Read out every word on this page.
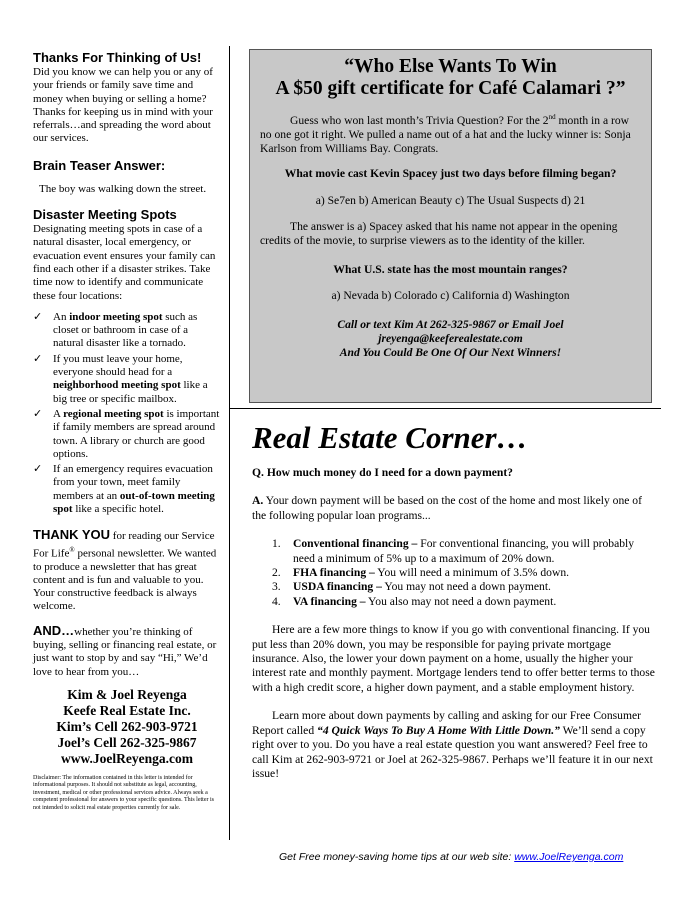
Thanks For Thinking of Us!

Did you know we can help you or any of your friends or family save time and money when buying or selling a home? Thanks for keeping us in mind with your referrals…and spreading the word about our services.

Brain Teaser Answer:

The boy was walking down the street.

Disaster Meeting Spots

Designating meeting spots in case of a natural disaster, local emergency, or evacuation event ensures your family can find each other if a disaster strikes. Take time now to identify and communicate these four locations:

✓ An indoor meeting spot such as closet or bathroom in case of a natural disaster like a tornado.
✓ If you must leave your home, everyone should head for a neighborhood meeting spot like a big tree or specific mailbox.
✓ A regional meeting spot is important if family members are spread around town. A library or church are good options.
✓ If an emergency requires evacuation from your town, meet family members at an out-of-town meeting spot like a specific hotel.

THANK YOU for reading our Service For Life® personal newsletter. We wanted to produce a newsletter that has great content and is fun and valuable to you. Your constructive feedback is always welcome.

AND…whether you’re thinking of buying, selling or financing real estate, or just want to stop by and say “Hi,” We’d love to hear from you…

Kim & Joel Reyenga
Keefe Real Estate Inc.
Kim’s Cell 262-903-9721
Joel’s Cell 262-325-9867
www.JoelReyenga.com
Disclaimer: The information contained in this letter is intended for informational purposes. It should not substitute as legal, accounting, investment, medical or other professional services advice. Always seek a competent professional for answers to your specific questions. This letter is not intended to solicit real estate properties currently for sale.
“Who Else Wants To Win
A $50 gift certificate for Café Calamari ?”

Guess who won last month’s Trivia Question? For the 2nd month in a row no one got it right. We pulled a name out of a hat and the lucky winner is: Sonja Karlson from Williams Bay. Congrats.

What movie cast Kevin Spacey just two days before filming began?

a) Se7en b) American Beauty c) The Usual Suspects d) 21

The answer is a) Spacey asked that his name not appear in the opening credits of the movie, to surprise viewers as to the identity of the killer.

What U.S. state has the most mountain ranges?

a) Nevada b) Colorado c) California d) Washington

Call or text Kim At 262-325-9867 or Email Joel

jreyenga@keeferealestate.com

And You Could Be One Of Our Next Winners!

Real Estate Corner…

Q. How much money do I need for a down payment?

A. Your down payment will be based on the cost of the home and most likely one of the following popular loan programs...

1. Conventional financing – For conventional financing, you will probably need a minimum of 5% up to a maximum of 20% down.
2. FHA financing – You will need a minimum of 3.5% down.
3. USDA financing – You may not need a down payment.
4. VA financing – You also may not need a down payment.

Here are a few more things to know if you go with conventional financing. If you put less than 20% down, you may be responsible for paying private mortgage insurance. Also, the lower your down payment on a home, usually the higher your interest rate and monthly payment. Mortgage lenders tend to offer better terms to those with a high credit score, a higher down payment, and a stable employment history.

Learn more about down payments by calling and asking for our Free Consumer Report called “4 Quick Ways To Buy A Home With Little Down.” We’ll send a copy right over to you. Do you have a real estate question you want answered? Feel free to call Kim at 262-903-9721 or Joel at 262-325-9867. Perhaps we’ll feature it in our next issue!

Get Free money-saving home tips at our web site: www.JoelReyenga.com
